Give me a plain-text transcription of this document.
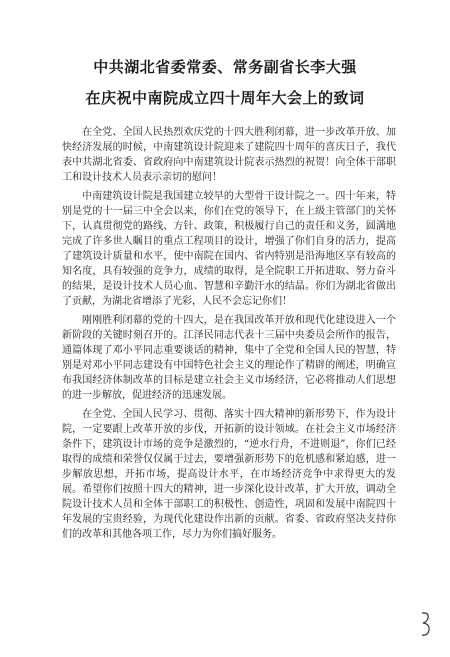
中共湖北省委常委、常务副省长李大强
在庆祝中南院成立四十周年大会上的致词

在全党、全国人民热烈欢庆党的十四大胜利闭幕，进一步改革开放、加快经济发展的时候，中南建筑设计院迎来了建院四十周年的喜庆日子，我代表中共湖北省委、省政府向中南建筑设计院表示热烈的祝贺！向全体干部职工和设计技术人员表示亲切的慰问！

中南建筑设计院是我国建立较早的大型骨干设计院之一。四十年来，特别是党的十一届三中全会以来，你们在党的领导下，在上级主管部门的关怀下，认真贯彻党的路线、方针、政策，积极履行自己的责任和义务，圆满地完成了许多世人瞩目的重点工程项目的设计，增强了你们自身的活力，提高了建筑设计质量和水平，使中南院在国内、省内特别是沿海地区享有较高的知名度，具有较强的竞争力，成绩的取得，是全院职工开拓进取、努力奋斗的结果，是设计技术人员心血、智慧和辛勤汗水的结晶。你们为湖北省做出了贡献，为湖北省增添了光彩，人民不会忘记你们！

刚刚胜利闭幕的党的十四大，是在我国改革开放和现代化建设进入一个新阶段的关键时刻召开的。江泽民同志代表十三届中央委员会所作的报告，通篇体现了邓小平同志重要谈话的精神，集中了全党和全国人民的智慧，特别是对邓小平同志建设有中国特色社会主义的理论作了精辟的阐述，明确宣布我国经济体制改革的目标是建立社会主义市场经济，它必将推动人们思想的进一步解放，促进经济的迅速发展。

在全党、全国人民学习、贯彻、落实十四大精神的新形势下，作为设计院，一定要跟上改革开放的步伐，开拓新的设计领域。在社会主义市场经济条件下，建筑设计市场的竞争是激烈的，“逆水行舟，不进则退”，你们已经取得的成绩和荣誉仅仅属于过去，要增强新形势下的危机感和紧迫感，进一步解放思想，开拓市场，提高设计水平，在市场经济竞争中求得更大的发展。希望你们按照十四大的精神，进一步深化设计改革，扩大开放，调动全院设计技术人员和全体干部职工的积极性、创造性，巩固和发展中南院四十年发展的宝贵经验，为现代化建设作出新的贡献。省委、省政府坚决支持你们的改革和其他各项工作，尽力为你们搞好服务。
